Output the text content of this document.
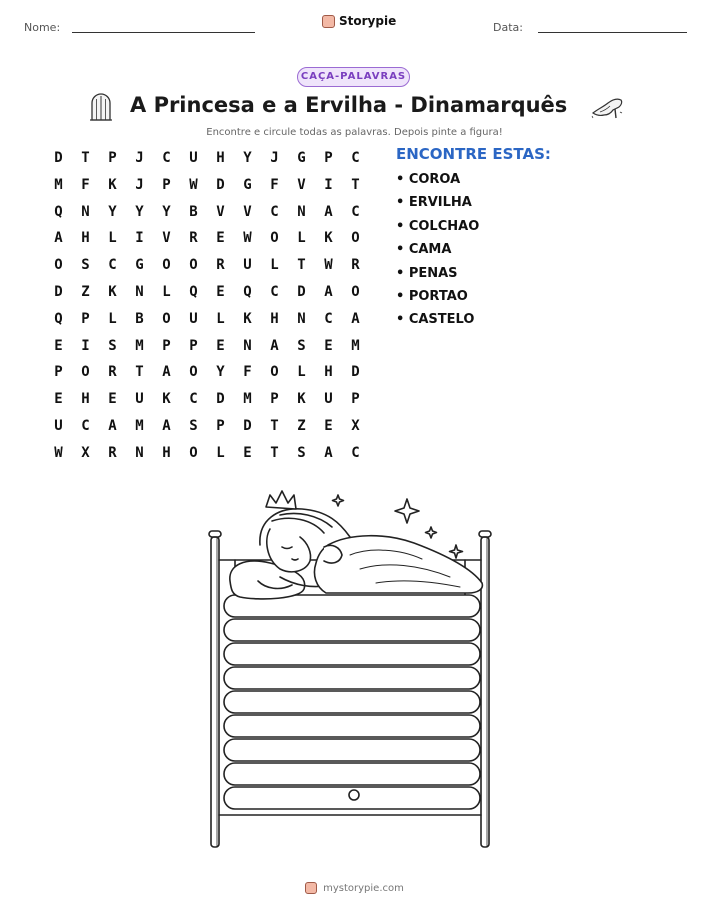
Nome:	Storypie	Data:
CAÇA-PALAVRAS
A Princesa e a Ervilha - Dinamarquês
Encontre e circule todas as palavras. Depois pinte a figura!
D	T	P	J	C	U	H	Y	J	G	P	C
M	F	K	J	P	W	D	G	F	V	I	T
Q	N	Y	Y	Y	B	V	V	C	N	A	C
A	H	L	I	V	R	E	W	O	L	K	O
O	S	C	G	O	O	R	U	L	T	W	R
D	Z	K	N	L	Q	E	Q	C	D	A	O
Q	P	L	B	O	U	L	K	H	N	C	A
E	I	S	M	P	P	E	N	A	S	E	M
P	O	R	T	A	O	Y	F	O	L	H	D
E	H	E	U	K	C	D	M	P	K	U	P
U	C	A	M	A	S	P	D	T	Z	E	X
W	X	R	N	H	O	L	E	T	S	A	C
ENCONTRE ESTAS:
• COROA
• ERVILHA
• COLCHAO
• CAMA
• PENAS
• PORTAO
• CASTELO
mystorypie.com
